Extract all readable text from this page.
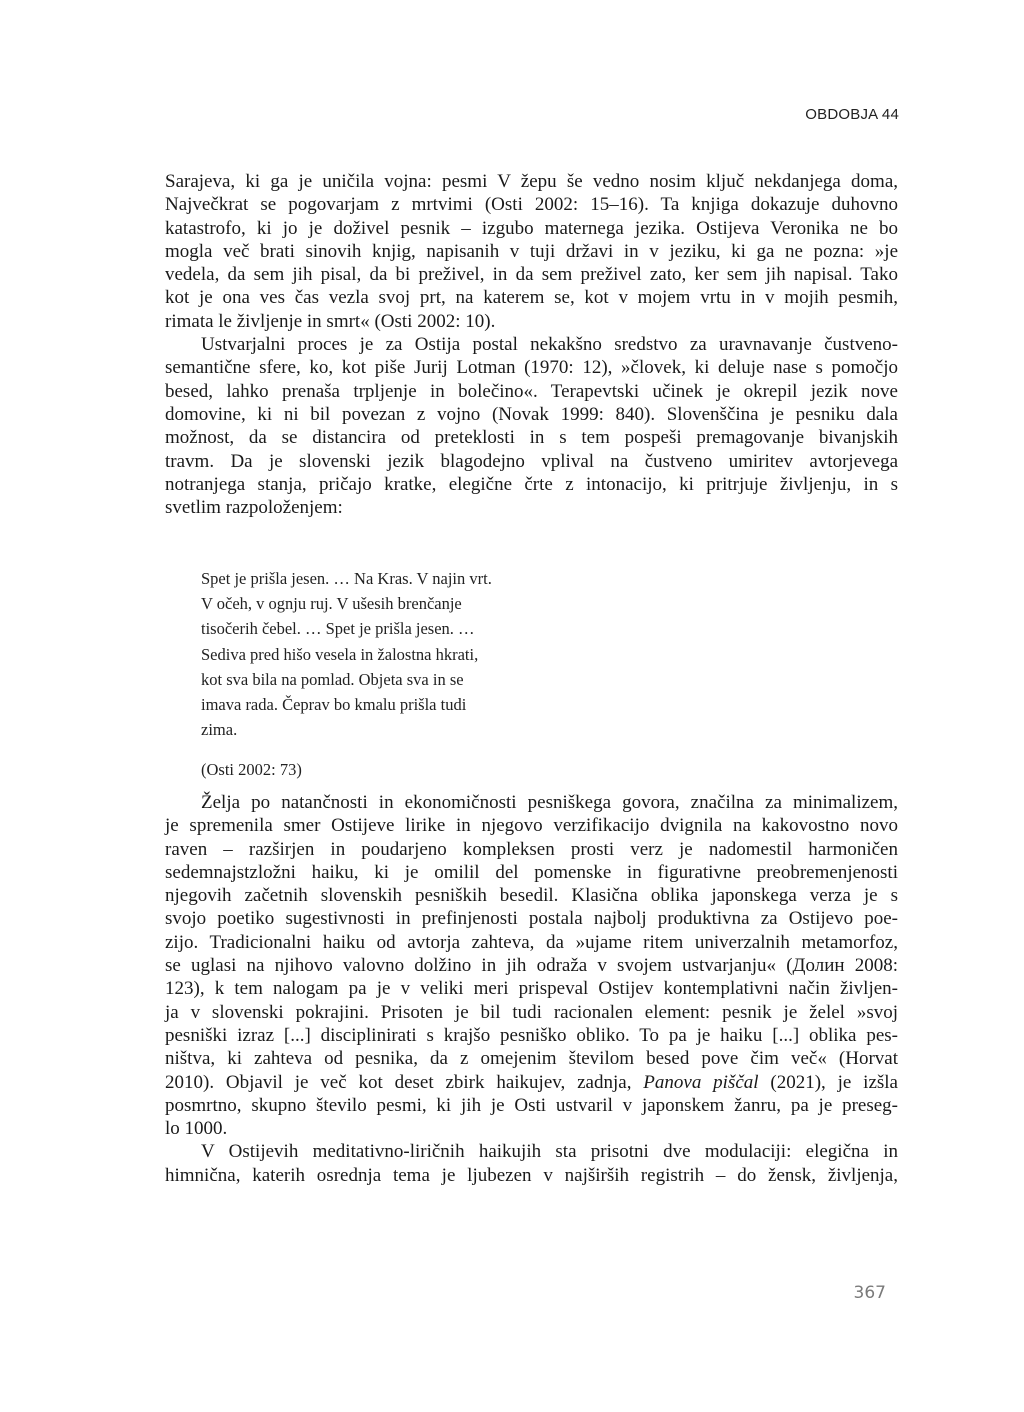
OBDOBJA 44
Sarajeva, ki ga je uničila vojna: pesmi V žepu še vedno nosim ključ nekdanjega doma,
Največkrat se pogovarjam z mrtvimi (Osti 2002: 15–16). Ta knjiga dokazuje duhovno
katastrofo, ki jo je doživel pesnik – izgubo maternega jezika. Ostijeva Veronika ne bo
mogla več brati sinovih knjig, napisanih v tuji državi in v jeziku, ki ga ne pozna: »je
vedela, da sem jih pisal, da bi preživel, in da sem preživel zato, ker sem jih napisal. Tako
kot je ona ves čas vezla svoj prt, na katerem se, kot v mojem vrtu in v mojih pesmih,
rimata le življenje in smrt« (Osti 2002: 10).
Ustvarjalni proces je za Ostija postal nekakšno sredstvo za uravnavanje čustveno-
semantične sfere, ko, kot piše Jurij Lotman (1970: 12), »človek, ki deluje nase s pomočjo
besed, lahko prenaša trpljenje in bolečino«. Terapevtski učinek je okrepil jezik nove
domovine, ki ni bil povezan z vojno (Novak 1999: 840). Slovenščina je pesniku dala
možnost, da se distancira od preteklosti in s tem pospeši premagovanje bivanjskih
travm. Da je slovenski jezik blagodejno vplival na čustveno umiritev avtorjevega
notranjega stanja, pričajo kratke, elegične črte z intonacijo, ki pritrjuje življenju, in s
svetlim razpoloženjem:
Spet je prišla jesen. … Na Kras. V najin vrt.
V očeh, v ognju ruj. V ušesih brenčanje
tisočerih čebel. … Spet je prišla jesen. …
Sediva pred hišo vesela in žalostna hkrati,
kot sva bila na pomlad. Objeta sva in se
imava rada. Čeprav bo kmalu prišla tudi
zima.
(Osti 2002: 73)
Želja po natančnosti in ekonomičnosti pesniškega govora, značilna za minimalizem,
je spremenila smer Ostijeve lirike in njegovo verzifikacijo dvignila na kakovostno novo
raven – razširjen in poudarjeno kompleksen prosti verz je nadomestil harmoničen
sedemnajstzložni haiku, ki je omilil del pomenske in figurativne preobremenjenosti
njegovih začetnih slovenskih pesniških besedil. Klasična oblika japonskega verza je s
svojo poetiko sugestivnosti in prefinjenosti postala najbolj produktivna za Ostijevo poe-
zijo. Tradicionalni haiku od avtorja zahteva, da »ujame ritem univerzalnih metamorfoz,
se uglasi na njihovo valovno dolžino in jih odraža v svojem ustvarjanju« (Долин 2008:
123), k tem nalogam pa je v veliki meri prispeval Ostijev kontemplativni način življen-
ja v slovenski pokrajini. Prisoten je bil tudi racionalen element: pesnik je želel »svoj
pesniški izraz [...] disciplinirati s krajšo pesniško obliko. To pa je haiku [...] oblika pes-
ništva, ki zahteva od pesnika, da z omejenim številom besed pove čim več« (Horvat
2010). Objavil je več kot deset zbirk haikujev, zadnja, Panova piščal (2021), je izšla
posmrtno, skupno število pesmi, ki jih je Osti ustvaril v japonskem žanru, pa je preseg-
lo 1000.
V Ostijevih meditativno-liričnih haikujih sta prisotni dve modulaciji: elegična in
himnična, katerih osrednja tema je ljubezen v najširših registrih – do žensk, življenja,
367
